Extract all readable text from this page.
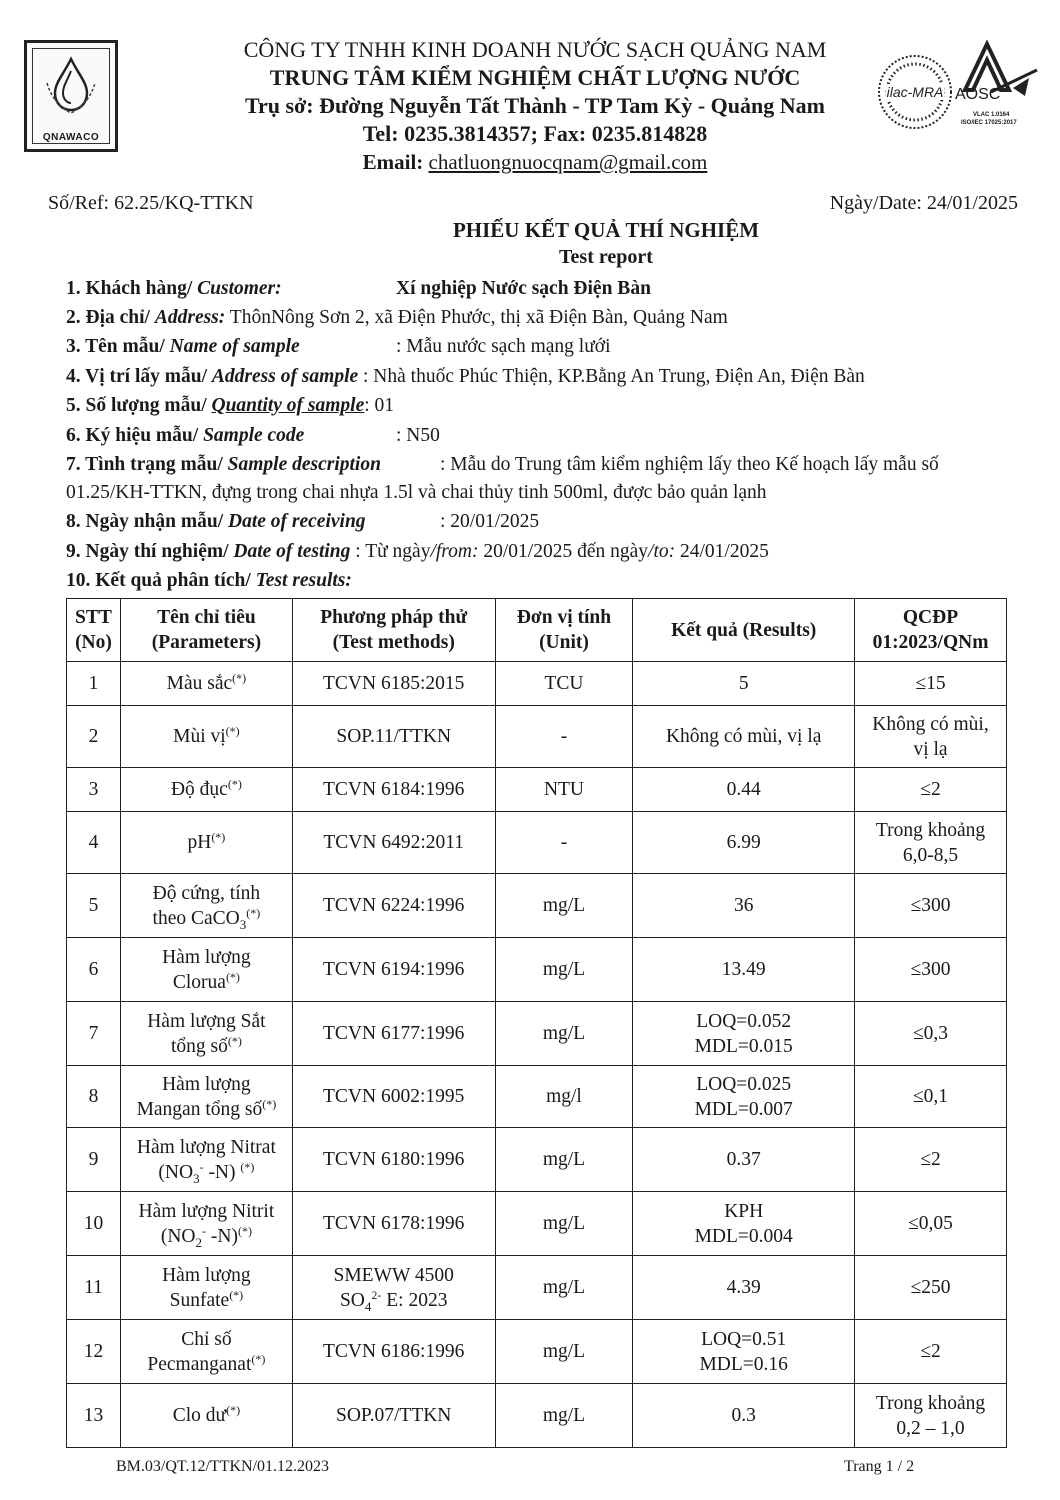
QNAWACO
CÔNG TY TNHH KINH DOANH NƯỚC SẠCH QUẢNG NAM
TRUNG TÂM KIỂM NGHIỆM CHẤT LƯỢNG NƯỚC
Trụ sở: Đường Nguyễn Tất Thành - TP Tam Kỳ - Quảng Nam
Tel: 0235.3814357; Fax: 0235.814828
Email: chatluongnuocqnam@gmail.com
ilac-MRA AOSC
VLAC 1.0164
ISO/IEC 17025:2017
Số/Ref: 62.25/KQ-TTKN	Ngày/Date: 24/01/2025
PHIẾU KẾT QUẢ THÍ NGHIỆM
Test report
1. Khách hàng/ Customer:	Xí nghiệp Nước sạch Điện Bàn
2. Địa chỉ/ Address: ThônNông Sơn 2, xã Điện Phước, thị xã Điện Bàn, Quảng Nam
3. Tên mẫu/ Name of sample	: Mẫu nước sạch mạng lưới
4. Vị trí lấy mẫu/ Address of sample : Nhà thuốc Phúc Thiện, KP.Bằng An Trung, Điện An, Điện Bàn
5. Số lượng mẫu/ Quantity of sample: 01
6. Ký hiệu mẫu/ Sample code	: N50
7. Tình trạng mẫu/ Sample description	: Mẫu do Trung tâm kiểm nghiệm lấy theo Kế hoạch lấy mẫu số
01.25/KH-TTKN, đựng trong chai nhựa 1.5l và chai thủy tinh 500ml, được bảo quản lạnh
8. Ngày nhận mẫu/ Date of receiving	: 20/01/2025
9. Ngày thí nghiệm/ Date of testing : Từ ngày/from: 20/01/2025 đến ngày/to: 24/01/2025
10. Kết quả phân tích/ Test results:
STT
(No)	Tên chỉ tiêu
(Parameters)	Phương pháp thử
(Test methods)	Đơn vị tính
(Unit)	Kết quả (Results)	QCĐP
01:2023/QNm
1	Màu sắc(*)	TCVN 6185:2015	TCU	5	≤15
2	Mùi vị(*)	SOP.11/TTKN	-	Không có mùi, vị lạ	Không có mùi,
vị lạ
3	Độ đục(*)	TCVN 6184:1996	NTU	0.44	≤2
4	pH(*)	TCVN 6492:2011	-	6.99	Trong khoảng
6,0-8,5
5	Độ cứng, tính
theo CaCO$_3$(*)	TCVN 6224:1996	mg/L	36	≤300
6	Hàm lượng
Clorua(*)	TCVN 6194:1996	mg/L	13.49	≤300
7	Hàm lượng Sắt
tổng số(*)	TCVN 6177:1996	mg/L	LOQ=0.052
MDL=0.015	≤0,3
8	Hàm lượng
Mangan tổng số(*)	TCVN 6002:1995	mg/l	LOQ=0.025
MDL=0.007	≤0,1
9	Hàm lượng Nitrat
($NO_3^-$ -N) (*)	TCVN 6180:1996	mg/L	0.37	≤2
10	Hàm lượng Nitrit
($NO_2^-$ -N)(*)	TCVN 6178:1996	mg/L	KPH
MDL=0.004	≤0,05
11	Hàm lượng
Sunfate(*)	SMEWW 4500
$SO_4^{2-}$ E: 2023	mg/L	4.39	≤250
12	Chỉ số
Pecmanganat(*)	TCVN 6186:1996	mg/L	LOQ=0.51
MDL=0.16	≤2
13	Clo dư(*)	SOP.07/TTKN	mg/L	0.3	Trong khoảng
0,2 – 1,0
BM.03/QT.12/TTKN/01.12.2023	Trang 1 / 2
